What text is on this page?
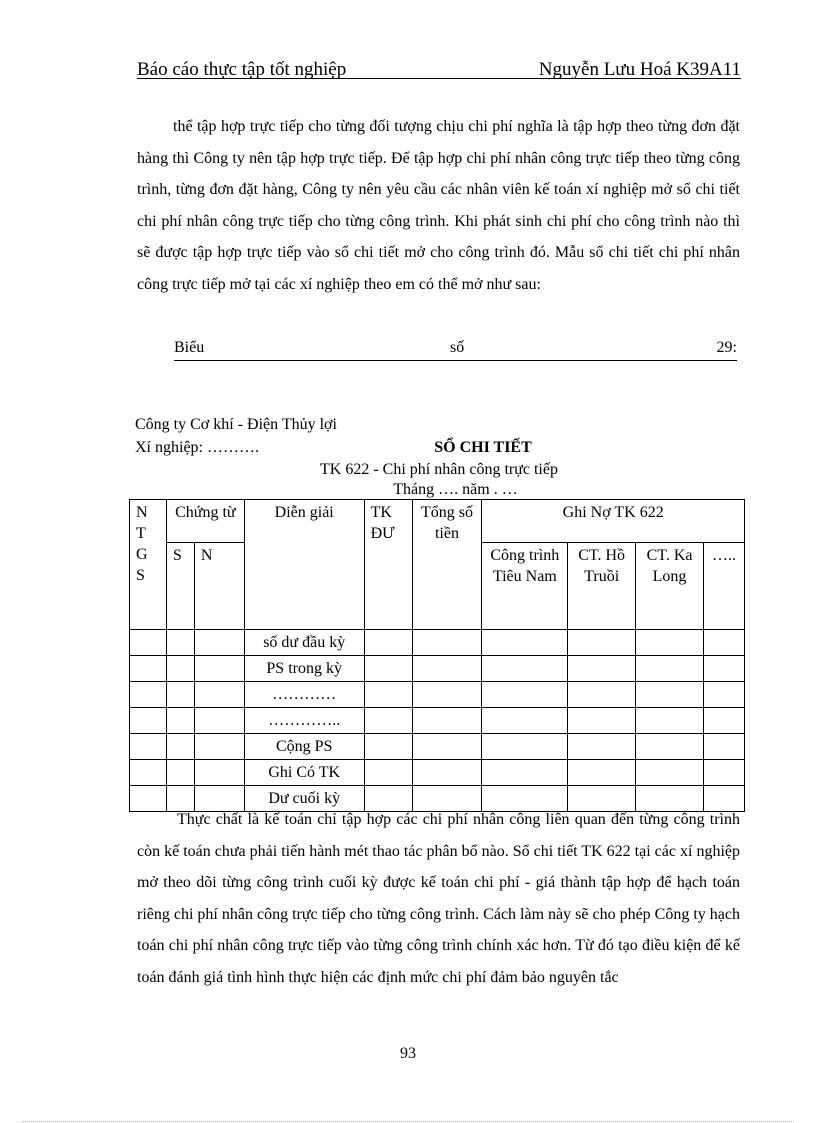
Báo cáo thực tập tốt nghiệp	Nguyễn Lưu Hoá K39A11
thể tập hợp trực tiếp cho từng đối tượng chịu chi phí nghĩa là tập hợp theo từng đơn đặt hàng thì Công ty nên tập hợp trực tiếp. Để tập hợp chi phí nhân công trực tiếp theo từng công trình, từng đơn đặt hàng, Công ty nên yêu cầu các nhân viên kế toán xí nghiệp mở sổ chi tiết chi phí nhân công trực tiếp cho từng công trình. Khi phát sinh chi phí cho công trình nào thì sẽ được tập hợp trực tiếp vào sổ chi tiết mở cho công trình đó. Mẫu sổ chi tiết chi phí nhân công trực tiếp mở tại các xí nghiệp theo em có thể mở như sau:
Biểu	số	29:
Công ty Cơ khí - Điện Thủy lợi
Xí nghiệp: ……….	SỔ CHI TIẾT
TK 622 - Chi phí nhân công trực tiếp
Tháng …. năm . …
N
T
G
S	Chứng từ		Diễn giải	TK ĐƯ	Tổng số tiền	Ghi Nợ TK 622			
	S	N				Công trình Tiêu Nam	CT. Hồ Truồi	CT. Ka Long	…..
			số dư đầu kỳ						
			PS trong kỳ						
			…………						
			…………..						
			Cộng PS						
			Ghi Có TK						
			Dư cuối kỳ						
Thực chất là kế toán chỉ tập hợp các chi phí nhân công liên quan đến từng công trình còn kế toán chưa phải tiến hành mét thao tác phân bổ nào. Sổ chi tiết TK 622 tại các xí nghiệp mở theo dõi từng công trình cuối kỳ được kế toán chi phí - giá thành tập hợp để hạch toán riêng chi phí nhân công trực tiếp cho từng công trình. Cách làm này sẽ cho phép Công ty hạch toán chi phí nhân công trực tiếp vào từng công trình chính xác hơn. Từ đó tạo điều kiện để kế toán đánh giá tình hình thực hiện các định mức chi phí đảm bảo nguyên tắc
93
